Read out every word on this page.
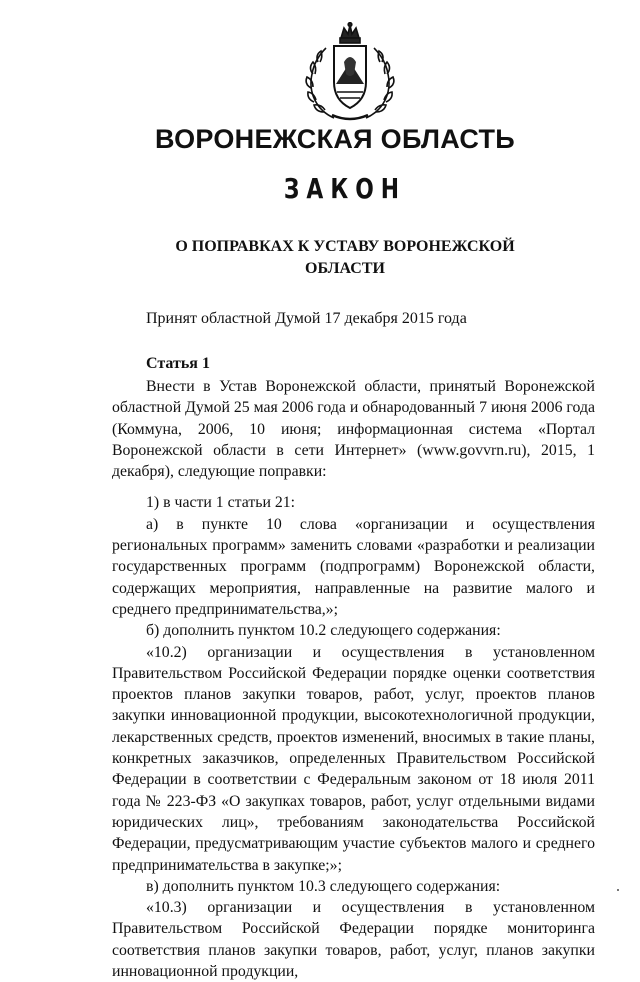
ВОРОНЕЖСКАЯ ОБЛАСТЬ
ЗАКОН
О ПОПРАВКАХ К УСТАВУ ВОРОНЕЖСКОЙ ОБЛАСТИ

Принят областной Думой 17 декабря 2015 года

Статья 1

Внести в Устав Воронежской области, принятый Воронежской областной Думой 25 мая 2006 года и обнародованный 7 июня 2006 года (Коммуна, 2006, 10 июня; информационная система «Портал Воронежской области в сети Интернет» (www.govvrn.ru), 2015, 1 декабря), следующие поправки:

1) в части 1 статьи 21:

а) в пункте 10 слова «организации и осуществления региональных программ» заменить словами «разработки и реализации государственных программ (подпрограмм) Воронежской области, содержащих мероприятия, направленные на развитие малого и среднего предпринимательства,»;

б) дополнить пунктом 10.2 следующего содержания:

«10.2) организации и осуществления в установленном Правительством Российской Федерации порядке оценки соответствия проектов планов закупки товаров, работ, услуг, проектов планов закупки инновационной продукции, высокотехнологичной продукции, лекарственных средств, проектов изменений, вносимых в такие планы, конкретных заказчиков, определенных Правительством Российской Федерации в соответствии с Федеральным законом от 18 июля 2011 года № 223-ФЗ «О закупках товаров, работ, услуг отдельными видами юридических лиц», требованиям законодательства Российской Федерации, предусматривающим участие субъектов малого и среднего предпринимательства в закупке;»;

в) дополнить пунктом 10.3 следующего содержания:

«10.3) организации и осуществления в установленном Правительством Российской Федерации порядке мониторинга соответствия планов закупки товаров, работ, услуг, планов закупки инновационной продукции,
